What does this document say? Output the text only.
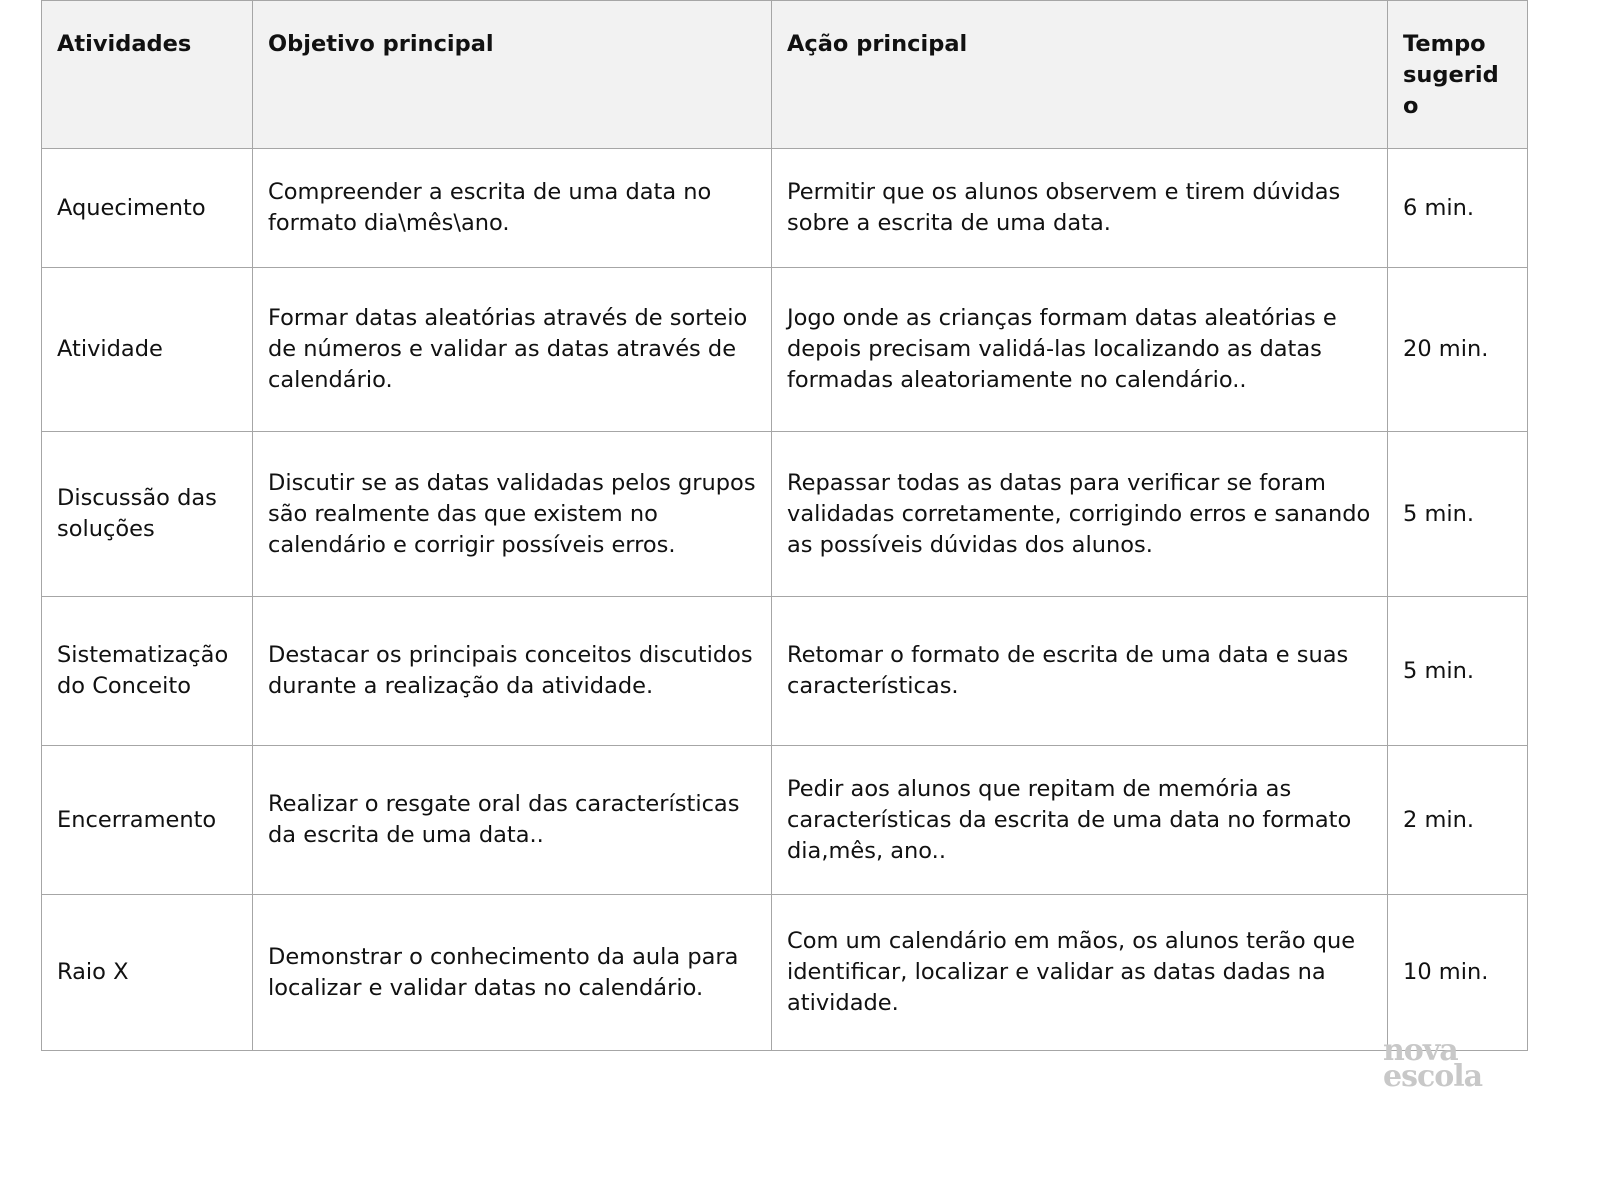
Atividades	Objetivo principal	Ação principal	Tempo sugerido
Aquecimento	Compreender a escrita de uma data no formato dia\mês\ano.	Permitir que os alunos observem e tirem dúvidas sobre a escrita de uma data.	6 min.
Atividade	Formar datas aleatórias através de sorteio de números e validar as datas através de calendário.	Jogo onde as crianças formam datas aleatórias e depois precisam validá-las localizando as datas formadas aleatoriamente no calendário..	20 min.
Discussão das soluções	Discutir se as datas validadas pelos grupos são realmente das que existem no calendário e corrigir possíveis erros.	Repassar todas as datas para verificar se foram validadas corretamente, corrigindo erros e sanando as possíveis dúvidas dos alunos.	5 min.
Sistematização do Conceito	Destacar os principais conceitos discutidos durante a realização da atividade.	Retomar o formato de escrita de uma data e suas características.	5 min.
Encerramento	Realizar o resgate oral das características da escrita de uma data..	Pedir aos alunos que repitam de memória as características da escrita de uma data no formato dia,mês, ano..	2 min.
Raio X	Demonstrar o conhecimento da aula para localizar e validar datas no calendário.	Com um calendário em mãos, os alunos terão que identificar, localizar e validar as datas dadas na atividade.	10 min.
nova
escola
